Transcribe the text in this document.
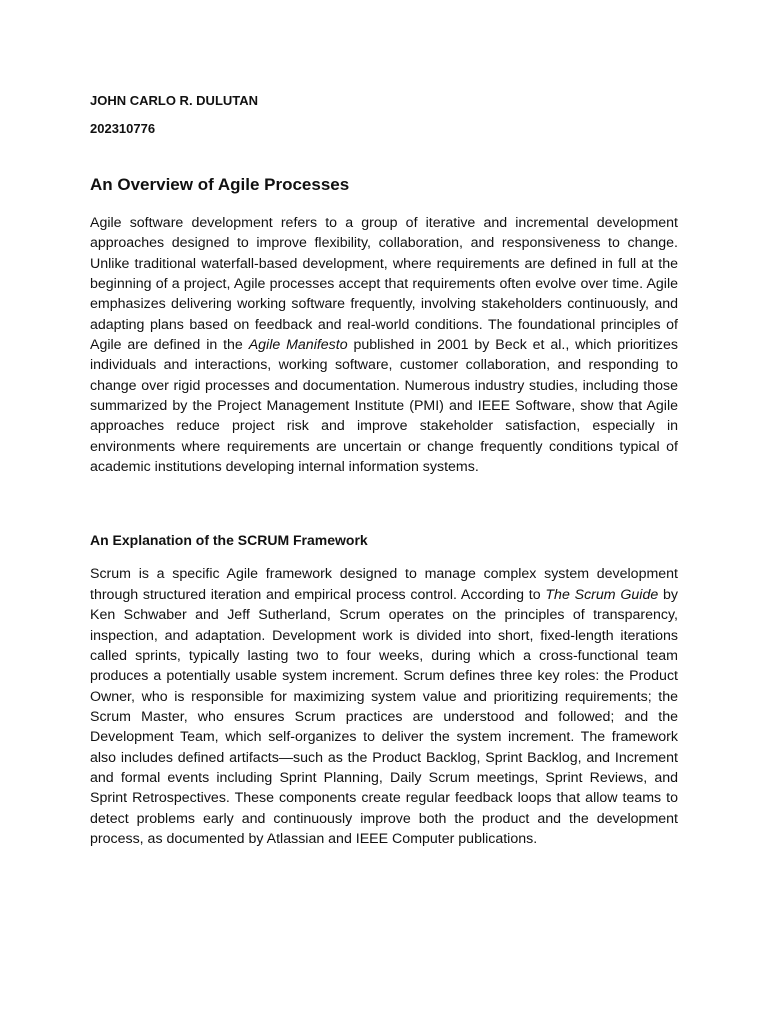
JOHN CARLO R. DULUTAN
202310776
An Overview of Agile Processes

Agile software development refers to a group of iterative and incremental development approaches designed to improve flexibility, collaboration, and responsiveness to change. Unlike traditional waterfall-based development, where requirements are defined in full at the beginning of a project, Agile processes accept that requirements often evolve over time. Agile emphasizes delivering working software frequently, involving stakeholders continuously, and adapting plans based on feedback and real-world conditions. The foundational principles of Agile are defined in the Agile Manifesto published in 2001 by Beck et al., which prioritizes individuals and interactions, working software, customer collaboration, and responding to change over rigid processes and documentation. Numerous industry studies, including those summarized by the Project Management Institute (PMI) and IEEE Software, show that Agile approaches reduce project risk and improve stakeholder satisfaction, especially in environments where requirements are uncertain or change frequently conditions typical of academic institutions developing internal information systems.

An Explanation of the SCRUM Framework

Scrum is a specific Agile framework designed to manage complex system development through structured iteration and empirical process control. According to The Scrum Guide by Ken Schwaber and Jeff Sutherland, Scrum operates on the principles of transparency, inspection, and adaptation. Development work is divided into short, fixed-length iterations called sprints, typically lasting two to four weeks, during which a cross-functional team produces a potentially usable system increment. Scrum defines three key roles: the Product Owner, who is responsible for maximizing system value and prioritizing requirements; the Scrum Master, who ensures Scrum practices are understood and followed; and the Development Team, which self-organizes to deliver the system increment. The framework also includes defined artifacts—such as the Product Backlog, Sprint Backlog, and Increment and formal events including Sprint Planning, Daily Scrum meetings, Sprint Reviews, and Sprint Retrospectives. These components create regular feedback loops that allow teams to detect problems early and continuously improve both the product and the development process, as documented by Atlassian and IEEE Computer publications.
